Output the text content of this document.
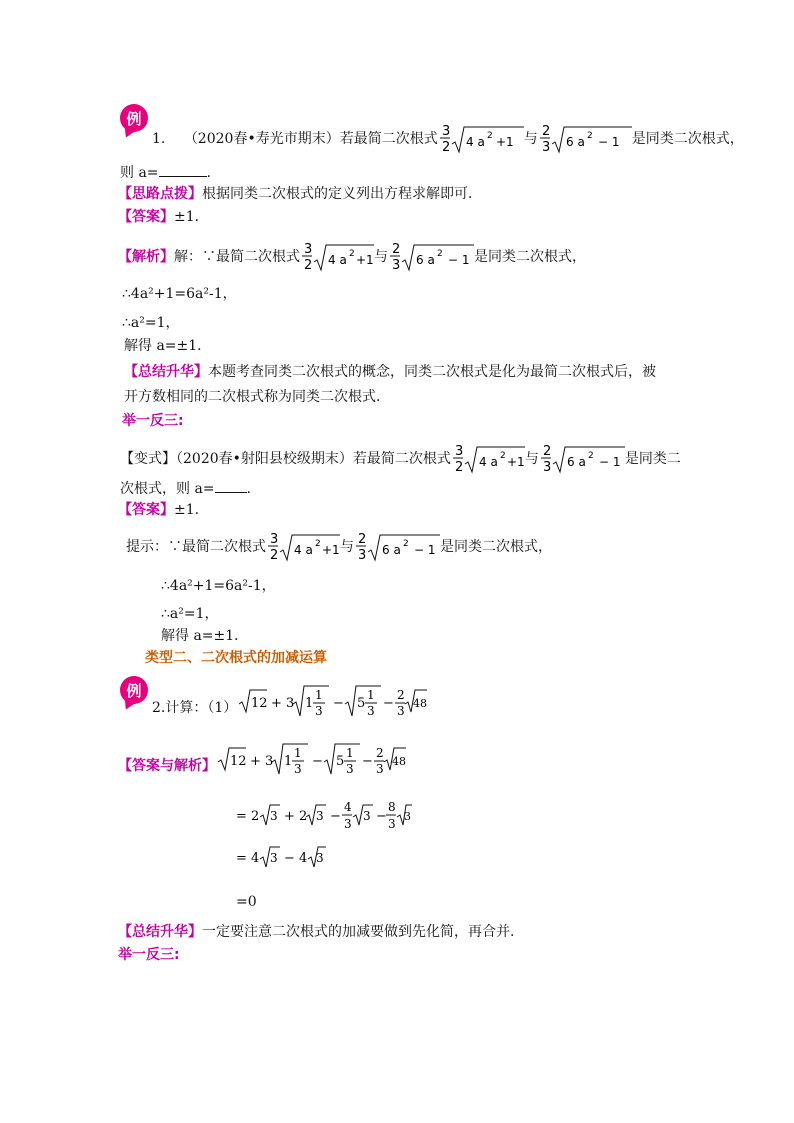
例
1. （2020春•寿光市期末）若最简二次根式 3
2 4 a 2 +1 与 2
3 6 a 2 − 1 是同类二次根式，
则 a=	.
【思路点拨】根据同类二次根式的定义列出方程求解即可．
【答案】±1．
【解析】解：∵最简二次根式 3
2 4 a 2 +1 与 2
3 6 a 2 − 1 是同类二次根式，
∴4a²+1=6a²-1，
∴a²=1，
解得 a=±1．
【总结升华】本题考查同类二次根式的概念，同类二次根式是化为最简二次根式后，被
开方数相同的二次根式称为同类二次根式．
举一反三:
【变式】（2020春•射阳县校级期末）若最简二次根式 3
2 4 a 2 +1 与 2
3 6 a 2 − 1 是同类二
次根式，则 a= .
【答案】±1.
提示：∵最简二次根式 3
2 4 a 2 +1 与 2
3 6 a 2 − 1 是同类二次根式，
∴4a²+1=6a²-1，
∴a²=1，
解得 a=±1．
类型二、二次根式的加减运算
例
2.计算：（1） 12 + 3 1
1
3 − 5
1
3 −
2
3
48
【答案与解析】 12 + 3 1
1
3 − 5
1
3 −
2
3
48
= 2 3 + 2 3 −
4
3
3 −
8
3
3
= 4 3 − 4 3
=0
【总结升华】一定要注意二次根式的加减要做到先化简，再合并.
举一反三:
